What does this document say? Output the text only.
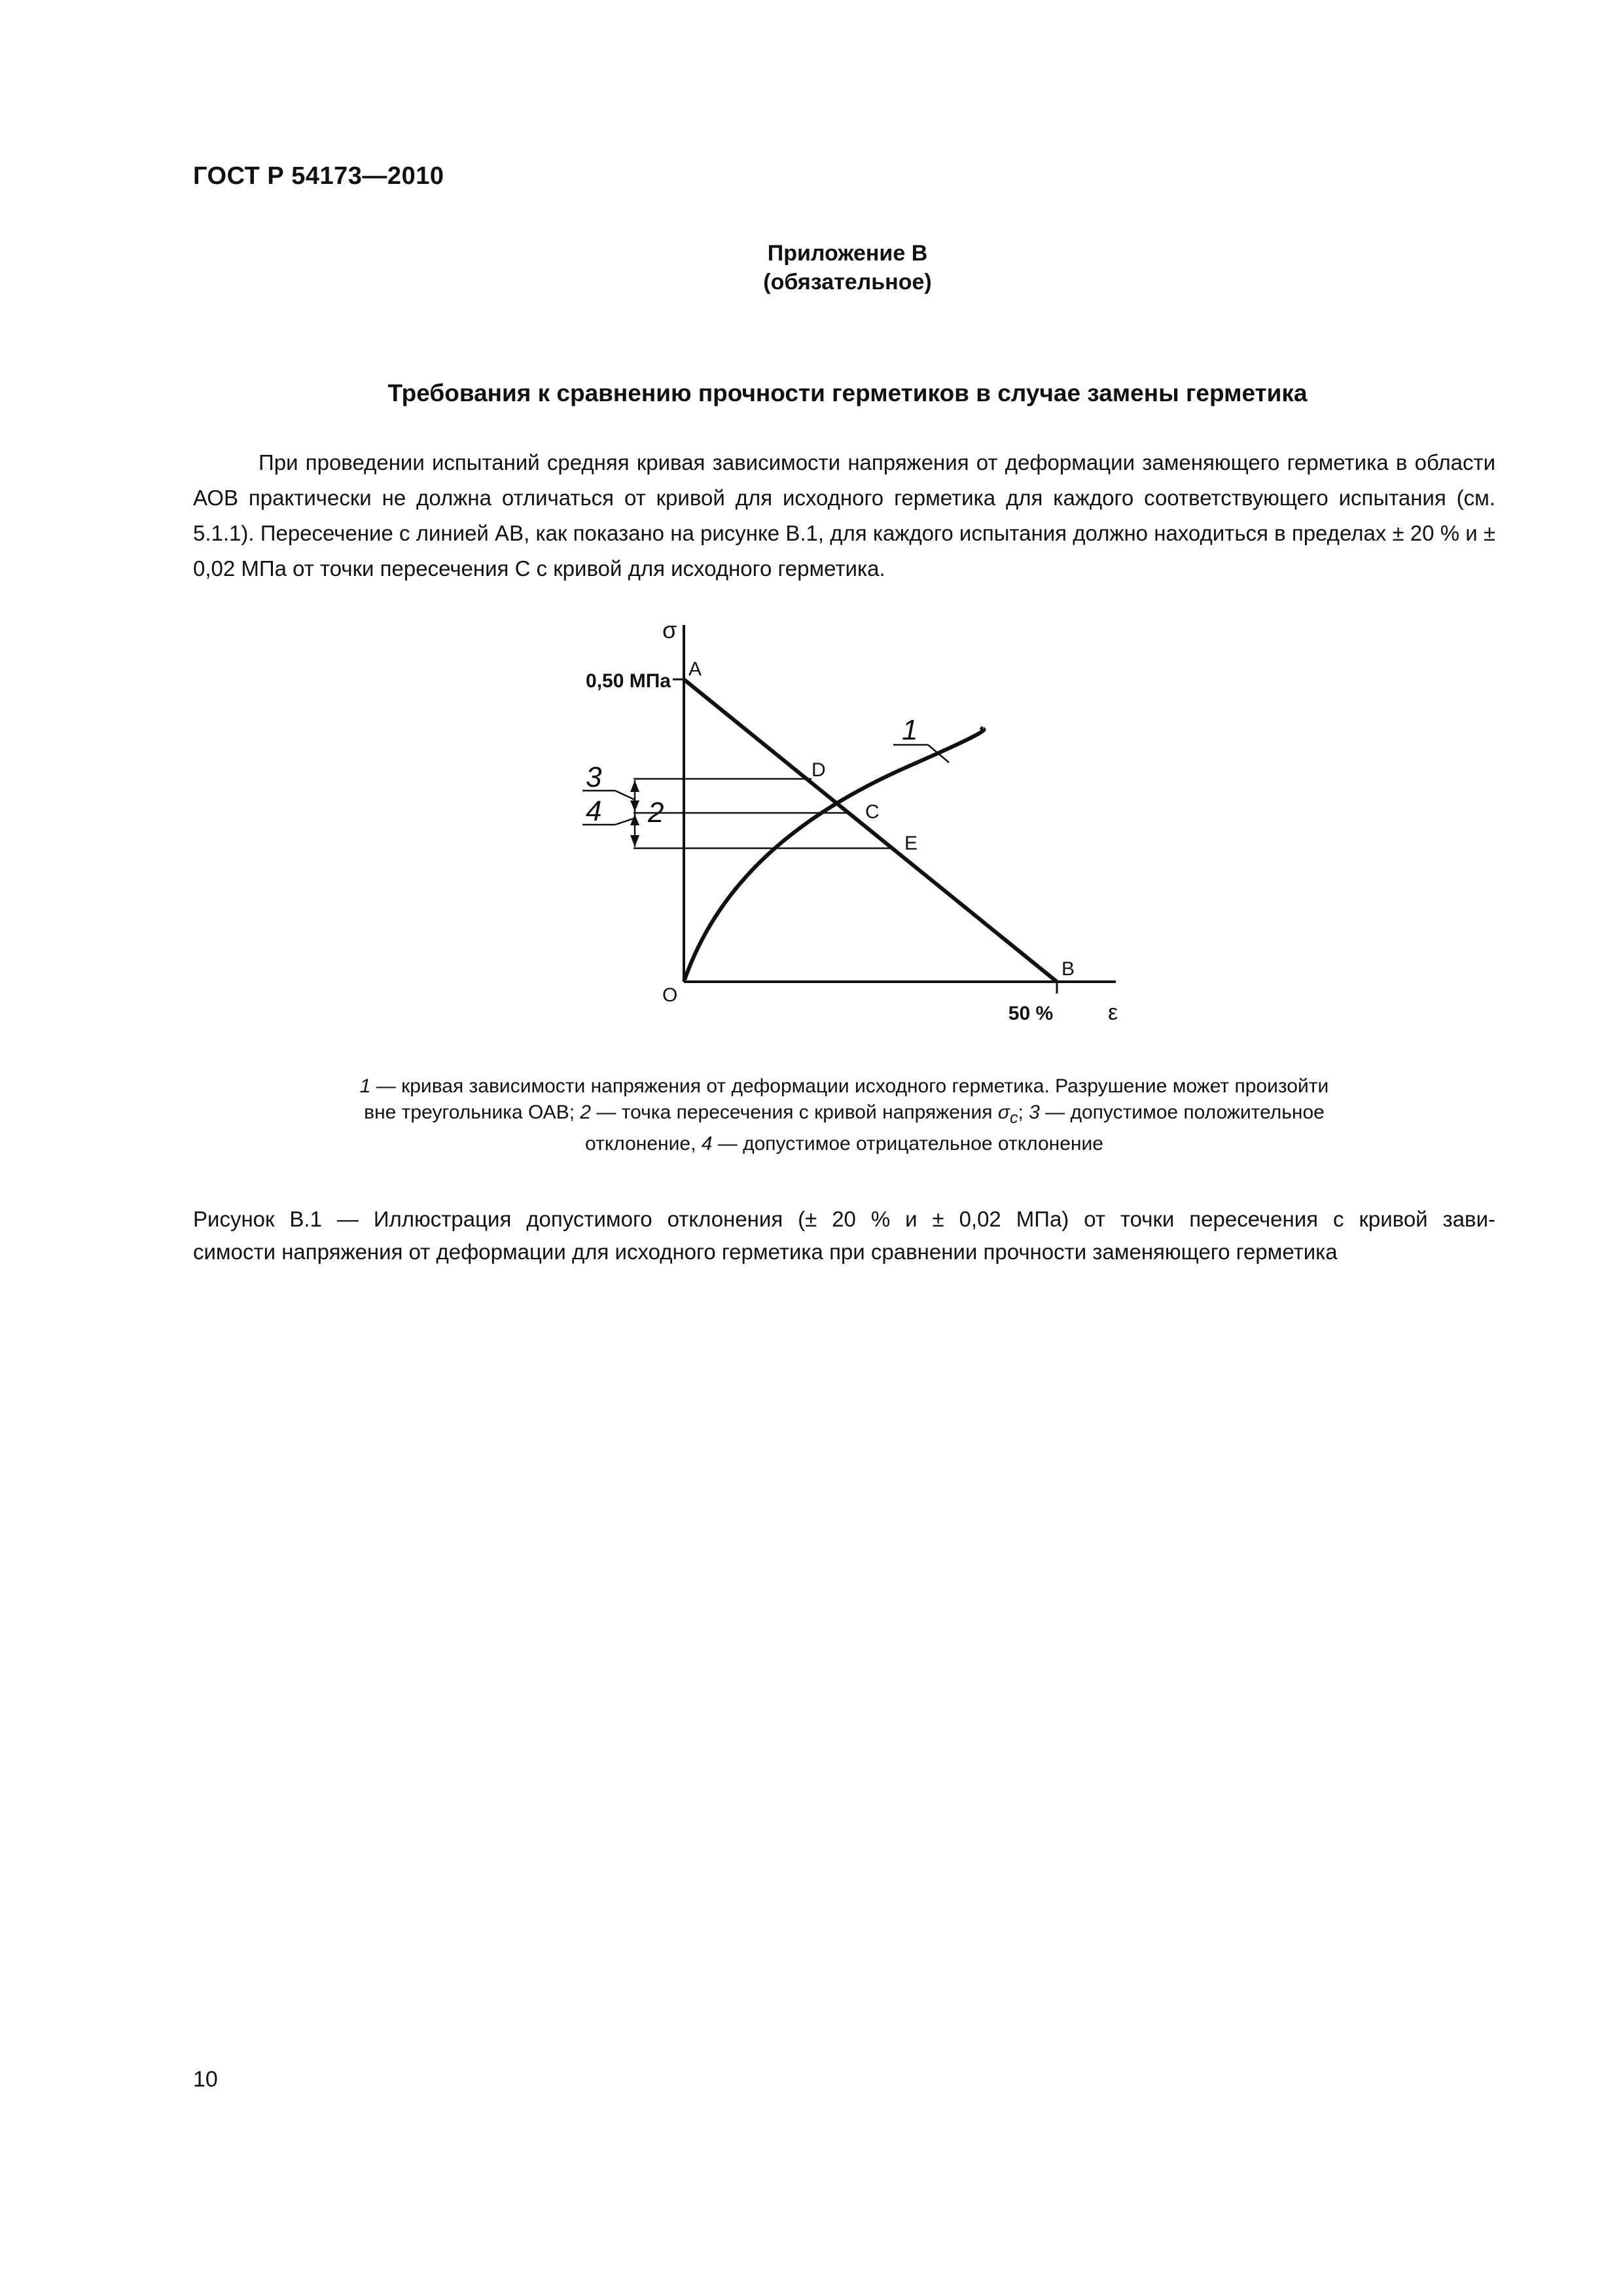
ГОСТ Р 54173—2010
Приложение В
(обязательное)
Требования к сравнению прочности герметиков в случае замены герметика
При проведении испытаний средняя кривая зависимости напряжения от деформации заменяющего герметика в области АОВ практически не должна отличаться от кривой для исходного герметика для каждого соответствующего испытания (см. 5.1.1). Пересечение с линией АВ, как показано на рисунке В.1, для каждого испытания должно находиться в пределах ± 20 % и ± 0,02 МПа от точки пересечения С с кривой для исходного герметика.
σ
0,50 МПа
A
D
C
E
B
O
50 % ε
1
2
3
4
1 — кривая зависимости напряжения от деформации исходного герметика. Разрушение может произойти
вне треугольника ОАВ; 2 — точка пересечения с кривой напряжения $\sigma_c$; 3 — допустимое положительное
отклонение, 4 — допустимое отрицательное отклонение
Рисунок В.1 — Иллюстрация допустимого отклонения (± 20 % и ± 0,02 МПа) от точки пересечения с кривой зави-
симости напряжения от деформации для исходного герметика при сравнении прочности заменяющего герметика
10
